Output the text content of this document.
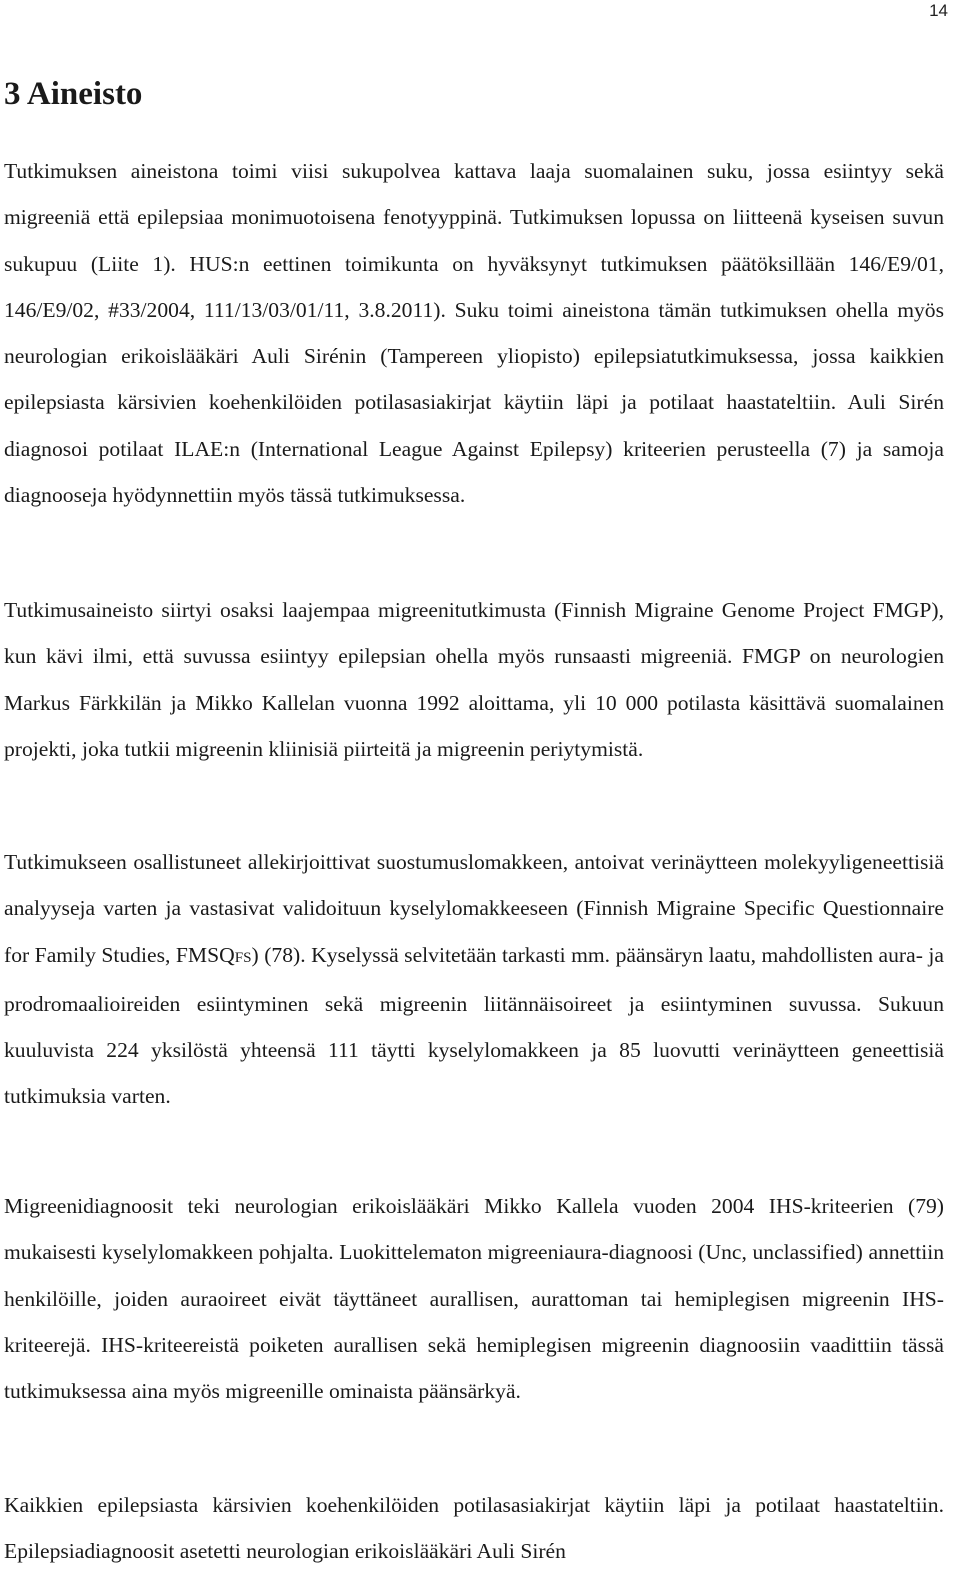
14
3 Aineisto

Tutkimuksen aineistona toimi viisi sukupolvea kattava laaja suomalainen suku, jossa esiintyy sekä migreeniä että epilepsiaa monimuotoisena fenotyyppinä. Tutkimuksen lopussa on liitteenä kyseisen suvun sukupuu (Liite 1). HUS:n eettinen toimikunta on hyväksynyt tutkimuksen päätöksillään 146/E9/01, 146/E9/02, #33/2004, 111/13/03/01/11, 3.8.2011). Suku toimi aineistona tämän tutkimuksen ohella myös neurologian erikoislääkäri Auli Sirénin (Tampereen yliopisto) epilepsiatutkimuksessa, jossa kaikkien epilepsiasta kärsivien koehenkilöiden potilasasiakirjat käytiin läpi ja potilaat haastateltiin. Auli Sirén diagnosoi potilaat ILAE:n (International League Against Epilepsy) kriteerien perusteella (7) ja samoja diagnooseja hyödynnettiin myös tässä tutkimuksessa.

Tutkimusaineisto siirtyi osaksi laajempaa migreenitutkimusta (Finnish Migraine Genome Project FMGP), kun kävi ilmi, että suvussa esiintyy epilepsian ohella myös runsaasti migreeniä. FMGP on neurologien Markus Färkkilän ja Mikko Kallelan vuonna 1992 aloittama, yli 10 000 potilasta käsittävä suomalainen projekti, joka tutkii migreenin kliinisiä piirteitä ja migreenin periytymistä.

Tutkimukseen osallistuneet allekirjoittivat suostumuslomakkeen, antoivat verinäytteen molekyyligeneettisiä analyyseja varten ja vastasivat validoituun kyselylomakkeeseen (Finnish Migraine Specific Questionnaire for Family Studies, FMSQFS) (78). Kyselyssä selvitetään tarkasti mm. päänsäryn laatu, mahdollisten aura- ja prodromaalioireiden esiintyminen sekä migreenin liitännäisoireet ja esiintyminen suvussa. Sukuun kuuluvista 224 yksilöstä yhteensä 111 täytti kyselylomakkeen ja 85 luovutti verinäytteen geneettisiä tutkimuksia varten.

Migreenidiagnoosit teki neurologian erikoislääkäri Mikko Kallela vuoden 2004 IHS-kriteerien (79) mukaisesti kyselylomakkeen pohjalta. Luokittelematon migreeniaura-diagnoosi (Unc, unclassified) annettiin henkilöille, joiden auraoireet eivät täyttäneet aurallisen, aurattoman tai hemiplegisen migreenin IHS-kriteerejä. IHS-kriteereistä poiketen aurallisen sekä hemiplegisen migreenin diagnoosiin vaadittiin tässä tutkimuksessa aina myös migreenille ominaista päänsärkyä.

Kaikkien epilepsiasta kärsivien koehenkilöiden potilasasiakirjat käytiin läpi ja potilaat haastateltiin. Epilepsiadiagnoosit asetetti neurologian erikoislääkäri Auli Sirén
